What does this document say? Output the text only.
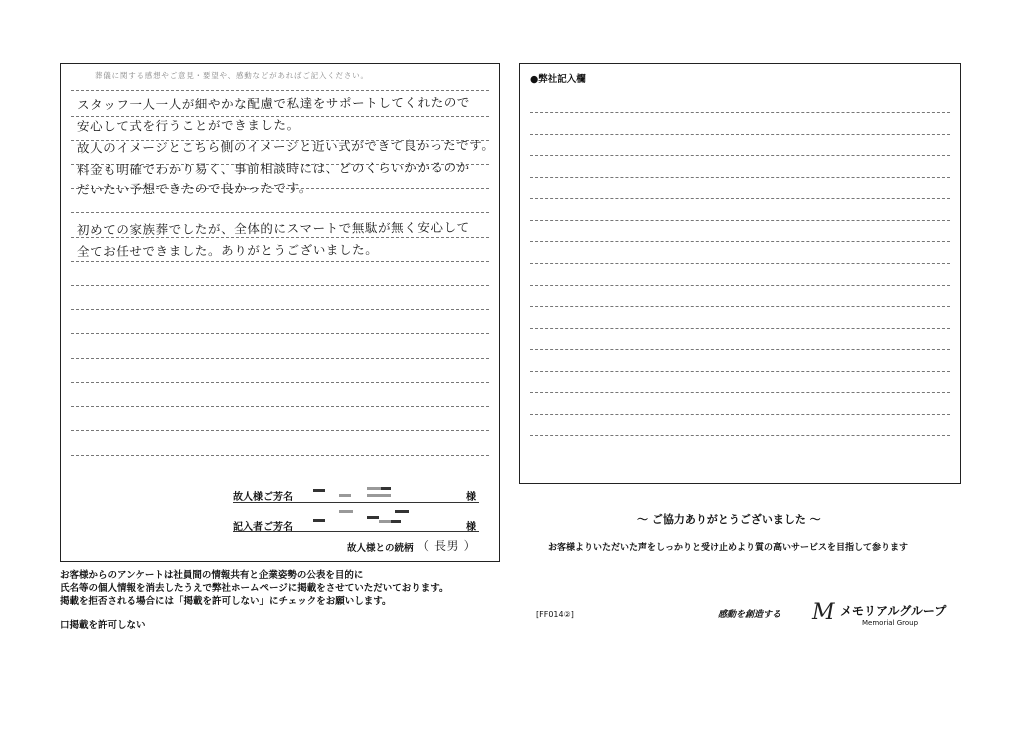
葬儀に関する感想やご意見・要望や、感動などがあればご記入ください。
スタッフ一人一人が細やかな配慮で私達をサポートしてくれたので
安心して式を行うことができました。
故人のイメージとこちら側のイメージと近い式ができて良かったです。
料金も明確でわかり易く、事前相談時には、どのくらいかかるのか
だいたい予想できたので良かったです。
初めての家族葬でしたが、全体的にスマートで無駄が無く安心して
全てお任せできました。ありがとうございました。
故人様ご芳名	様
記入者ご芳名	様
故人様との続柄 （ 長男 ）
●弊社記入欄
～ ご協力ありがとうございました ～
お客様よりいただいた声をしっかりと受け止めより質の高いサービスを目指して参ります
お客様からのアンケートは社員間の情報共有と企業姿勢の公表を目的に
氏名等の個人情報を消去したうえで弊社ホームページに掲載をさせていただいております。
掲載を拒否される場合には「掲載を許可しない」にチェックをお願いします。
口掲載を許可しない
[FF014②]	感動を創造する M メモリアルグループ
Memorial Group
